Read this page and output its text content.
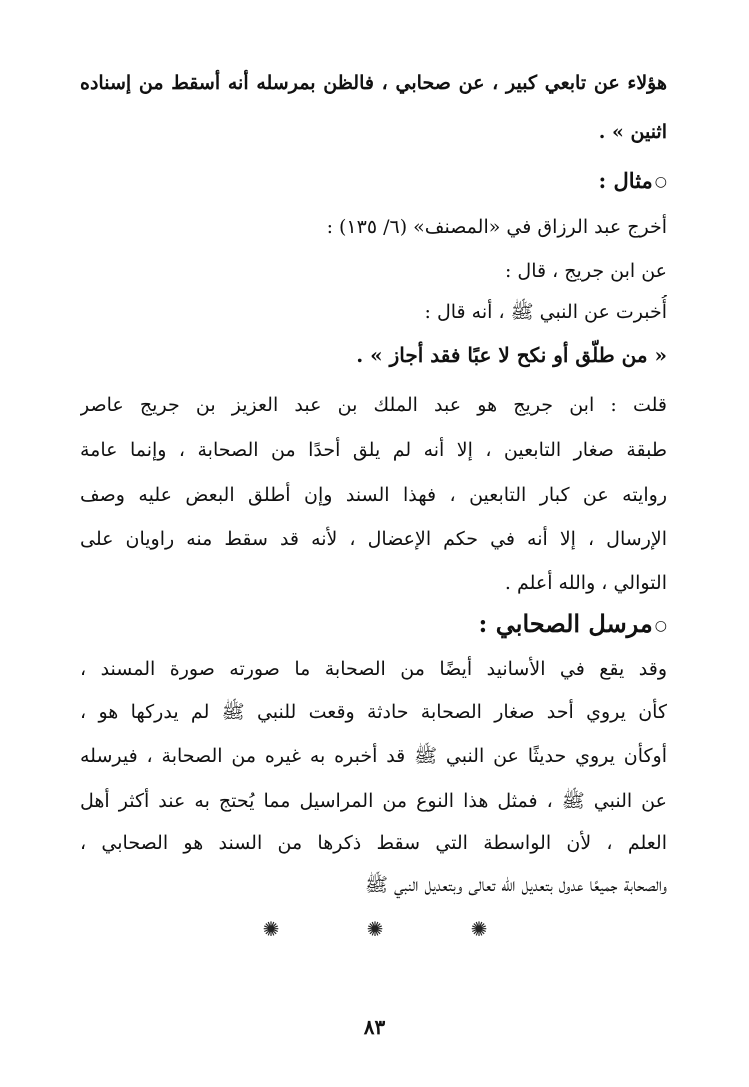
هؤلاء عن تابعي كبير ، عن صحابي ، فالظن بمرسله أنه أسقط من إسناده
اثنين » .
○مثال :
أخرج عبد الرزاق في «المصنف» (٦/ ١٣٥) :
عن ابن جريج ، قال :
أُخبرت عن النبي ﷺ ، أنه قال :
« من طلّق أو نكح لا عبًا فقد أجاز » .
قلت : ابن جريج هو عبد الملك بن عبد العزيز بن جريج عاصر
طبقة صغار التابعين ، إلا أنه لم يلق أحدًا من الصحابة ، وإنما عامة
روايته عن كبار التابعين ، فهذا السند وإن أطلق البعض عليه وصف
الإرسال ، إلا أنه في حكم الإعضال ، لأنه قد سقط منه راويان على
التوالي ، والله أعلم .
○مرسل الصحابي :
وقد يقع في الأسانيد أيضًا من الصحابة ما صورته صورة المسند ،
كأن يروي أحد صغار الصحابة حادثة وقعت للنبي ﷺ لم يدركها هو ،
أوكأن يروي حديثًا عن النبي ﷺ قد أخبره به غيره من الصحابة ، فيرسله
عن النبي ﷺ ، فمثل هذا النوع من المراسيل مما يُحتج به عند أكثر أهل
العلم ، لأن الواسطة التي سقط ذكرها من السند هو الصحابي ،
والصحابة جميعًا عدول بتعديل الله تعالى وبتعديل النبي ﷺ
✺	✺	✺
٨٣
